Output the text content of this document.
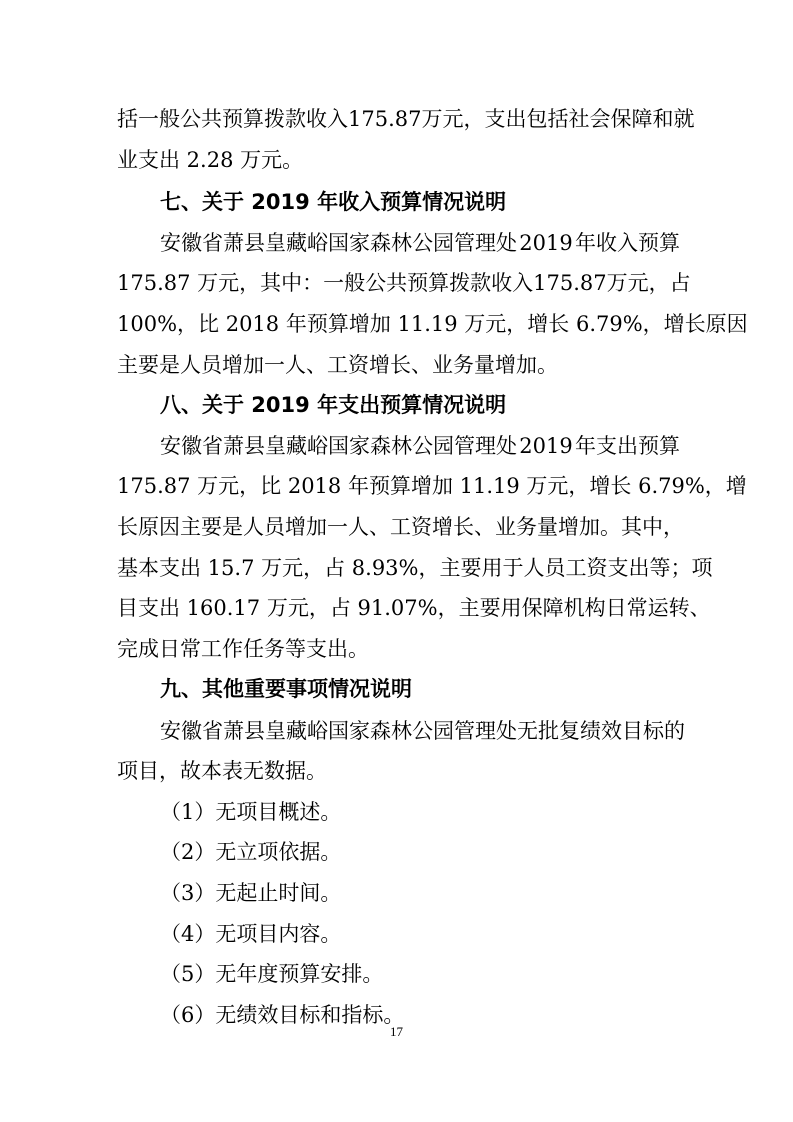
括一般公共预算拨款收入 175.87 万元，支出包括社会保障和就
业支出 2.28 万元。
七、关于 2019 年收入预算情况说明
安徽省萧县皇藏峪国家森林公园管理处 2019 年收入预算
175.87 万元，其中：一般公共预算拨款收入 175.87 万元，占
100%，比 2018 年预算增加 11.19 万元，增长 6.79%，增长原因
主要是人员增加一人、工资增长、业务量增加。
八、关于 2019 年支出预算情况说明
安徽省萧县皇藏峪国家森林公园管理处 2019 年支出预算
175.87 万元，比 2018 年预算增加 11.19 万元，增长 6.79%，增
长原因主要是人员增加一人、工资增长、业务量增加。其中，
基本支出 15.7 万元，占 8.93%，主要用于人员工资支出等； 项
目支出 160.17 万元，占 91.07%，主要用保障机构日常运转、
完成日常工作任务等支出。
九、其他重要事项情况说明
安徽省萧县皇藏峪国家森林公园管理处无批复绩效目标的
项目，故本表无数据。
（1）无项目概述。
（2）无立项依据。
（3）无起止时间。
（4）无项目内容。
（5）无年度预算安排。
（6）无绩效目标和指标。
17
